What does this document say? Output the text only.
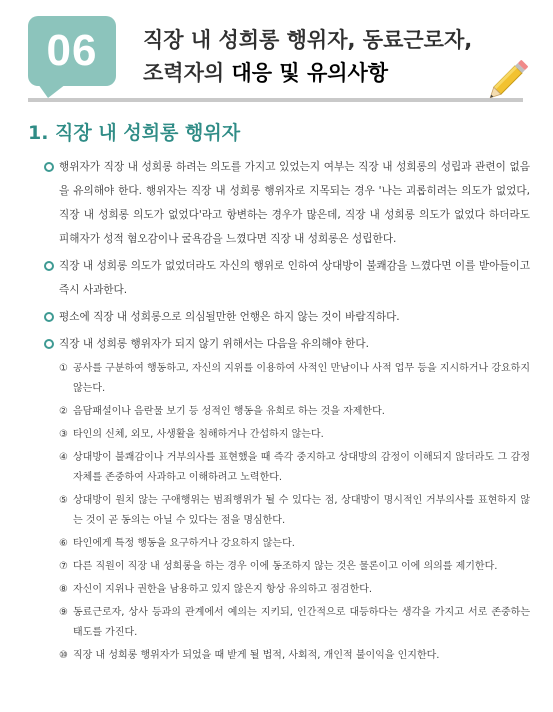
06 직장 내 성희롱 행위자, 동료근로자,
조력자의 대응 및 유의사항
1. 직장 내 성희롱 행위자
행위자가 직장 내 성희롱 하려는 의도를 가지고 있었는지 여부는 직장 내 성희롱의 성립과 관련이 없음을 유의해야 한다. 행위자는 직장 내 성희롱 행위자로 지목되는 경우 '나는 괴롭히려는 의도가 없었다, 직장 내 성희롱 의도가 없었다'라고 항변하는 경우가 많은데, 직장 내 성희롱 의도가 없었다 하더라도 피해자가 성적 혐오감이나 굴욕감을 느꼈다면 직장 내 성희롱은 성립한다.
직장 내 성희롱 의도가 없었더라도 자신의 행위로 인하여 상대방이 불쾌감을 느꼈다면 이를 받아들이고 즉시 사과한다.
평소에 직장 내 성희롱으로 의심될만한 언행은 하지 않는 것이 바람직하다.
직장 내 성희롱 행위자가 되지 않기 위해서는 다음을 유의해야 한다.
① 공사를 구분하여 행동하고, 자신의 지위를 이용하여 사적인 만남이나 사적 업무 등을 지시하거나 강요하지 않는다.
② 음담패설이나 음란물 보기 등 성적인 행동을 유희로 하는 것을 자제한다.
③ 타인의 신체, 외모, 사생활을 침해하거나 간섭하지 않는다.
④ 상대방이 불쾌감이나 거부의사를 표현했을 때 즉각 중지하고 상대방의 감정이 이해되지 않더라도 그 감정 자체를 존중하여 사과하고 이해하려고 노력한다.
⑤ 상대방이 원치 않는 구애행위는 범죄행위가 될 수 있다는 점, 상대방이 명시적인 거부의사를 표현하지 않는 것이 곧 동의는 아닐 수 있다는 점을 명심한다.
⑥ 타인에게 특정 행동을 요구하거나 강요하지 않는다.
⑦ 다른 직원이 직장 내 성희롱을 하는 경우 이에 동조하지 않는 것은 물론이고 이에 의의를 제기한다.
⑧ 자신이 지위나 권한을 남용하고 있지 않은지 항상 유의하고 점검한다.
⑨ 동료근로자, 상사 등과의 관계에서 예의는 지키되, 인간적으로 대등하다는 생각을 가지고 서로 존중하는 태도를 가진다.
⑩ 직장 내 성희롱 행위자가 되었을 때 받게 될 법적, 사회적, 개인적 불이익을 인지한다.
